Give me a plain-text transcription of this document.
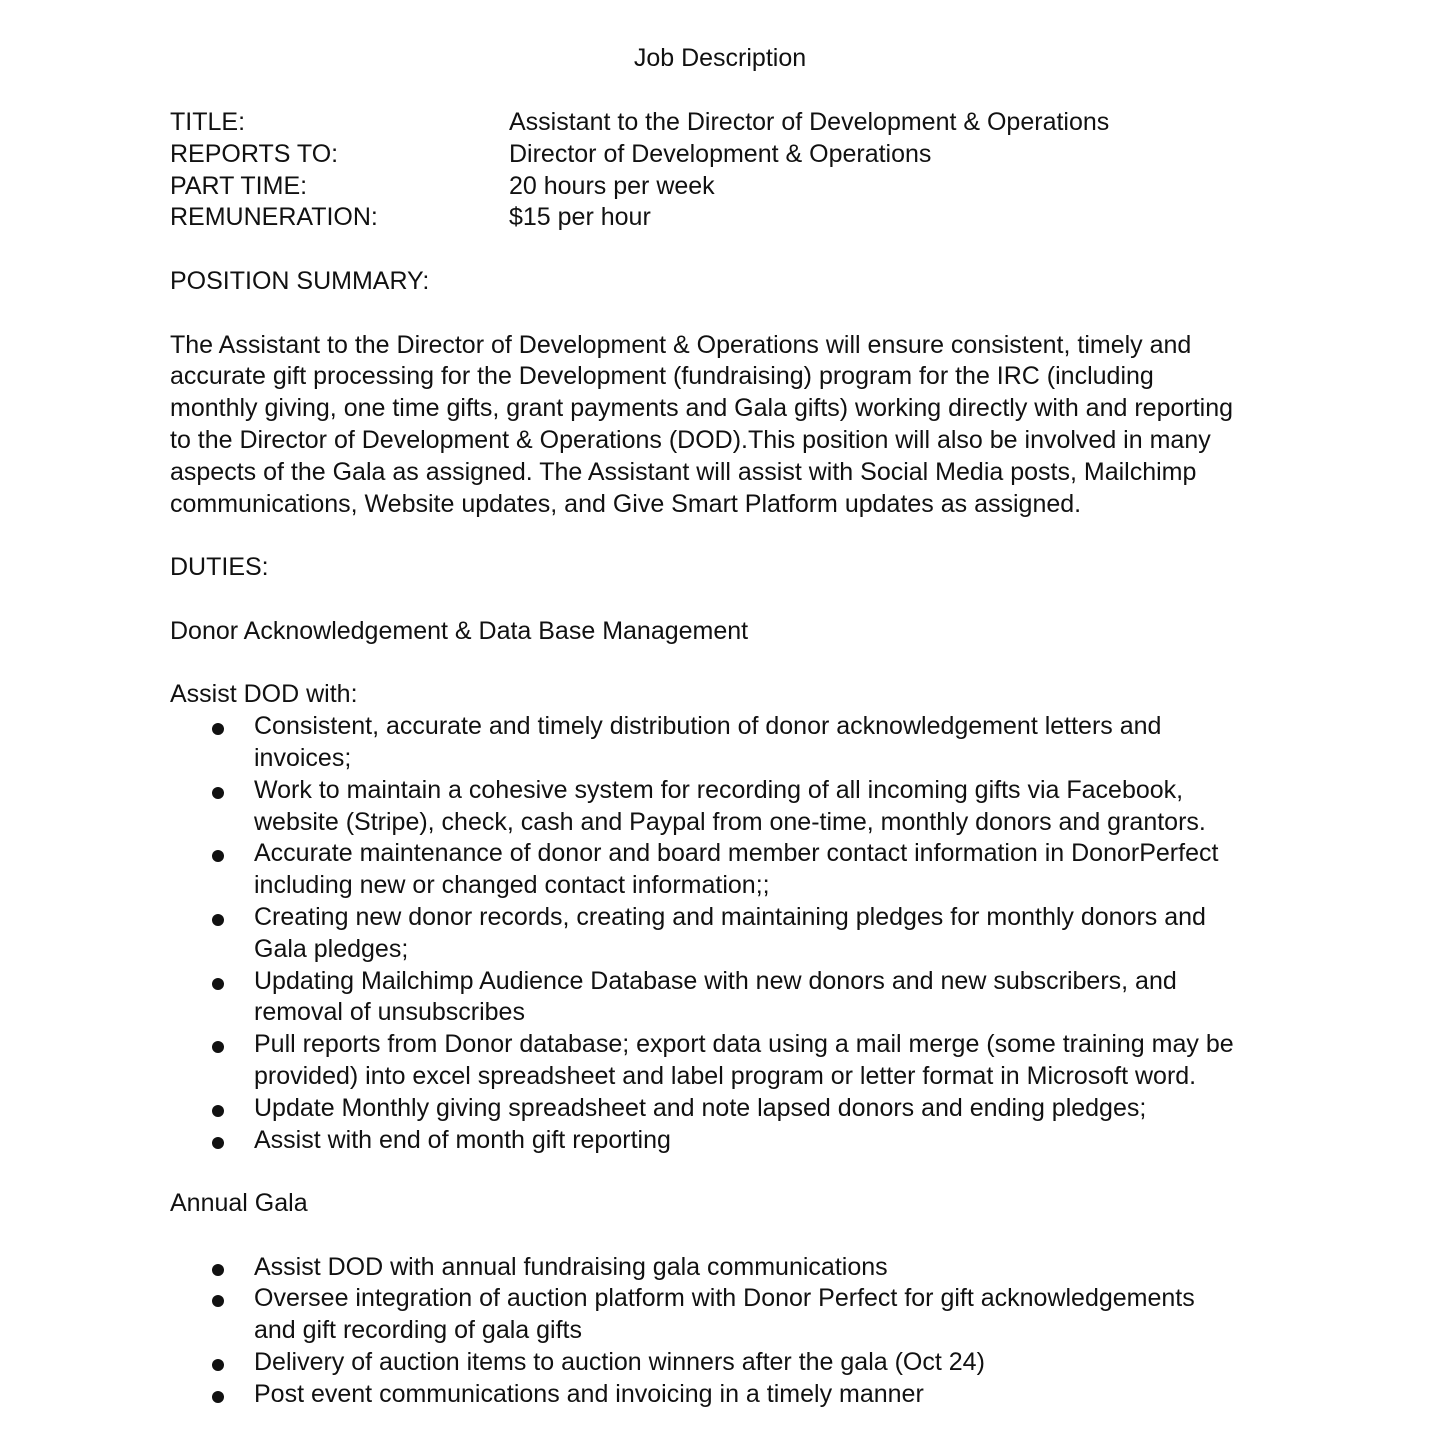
Job Description
TITLE:	Assistant to the Director of Development & Operations
REPORTS TO:	Director of Development & Operations
PART TIME:	20 hours per week
REMUNERATION:	$15 per hour

POSITION SUMMARY:

The Assistant to the Director of Development & Operations will ensure consistent, timely and
accurate gift processing for the Development (fundraising) program for the IRC (including
monthly giving, one time gifts, grant payments and Gala gifts) working directly with and reporting
to the Director of Development & Operations (DOD).This position will also be involved in many
aspects of the Gala as assigned. The Assistant will assist with Social Media posts, Mailchimp
communications, Website updates, and Give Smart Platform updates as assigned.

DUTIES:

Donor Acknowledgement & Data Base Management

Assist DOD with:

Consistent, accurate and timely distribution of donor acknowledgement letters and
invoices;
Work to maintain a cohesive system for recording of all incoming gifts via Facebook,
website (Stripe), check, cash and Paypal from one-time, monthly donors and grantors.
Accurate maintenance of donor and board member contact information in DonorPerfect
including new or changed contact information;;
Creating new donor records, creating and maintaining pledges for monthly donors and
Gala pledges;
Updating Mailchimp Audience Database with new donors and new subscribers, and
removal of unsubscribes
Pull reports from Donor database; export data using a mail merge (some training may be
provided) into excel spreadsheet and label program or letter format in Microsoft word.
Update Monthly giving spreadsheet and note lapsed donors and ending pledges;
Assist with end of month gift reporting

Annual Gala

Assist DOD with annual fundraising gala communications
Oversee integration of auction platform with Donor Perfect for gift acknowledgements
and gift recording of gala gifts
Delivery of auction items to auction winners after the gala (Oct 24)
Post event communications and invoicing in a timely manner
